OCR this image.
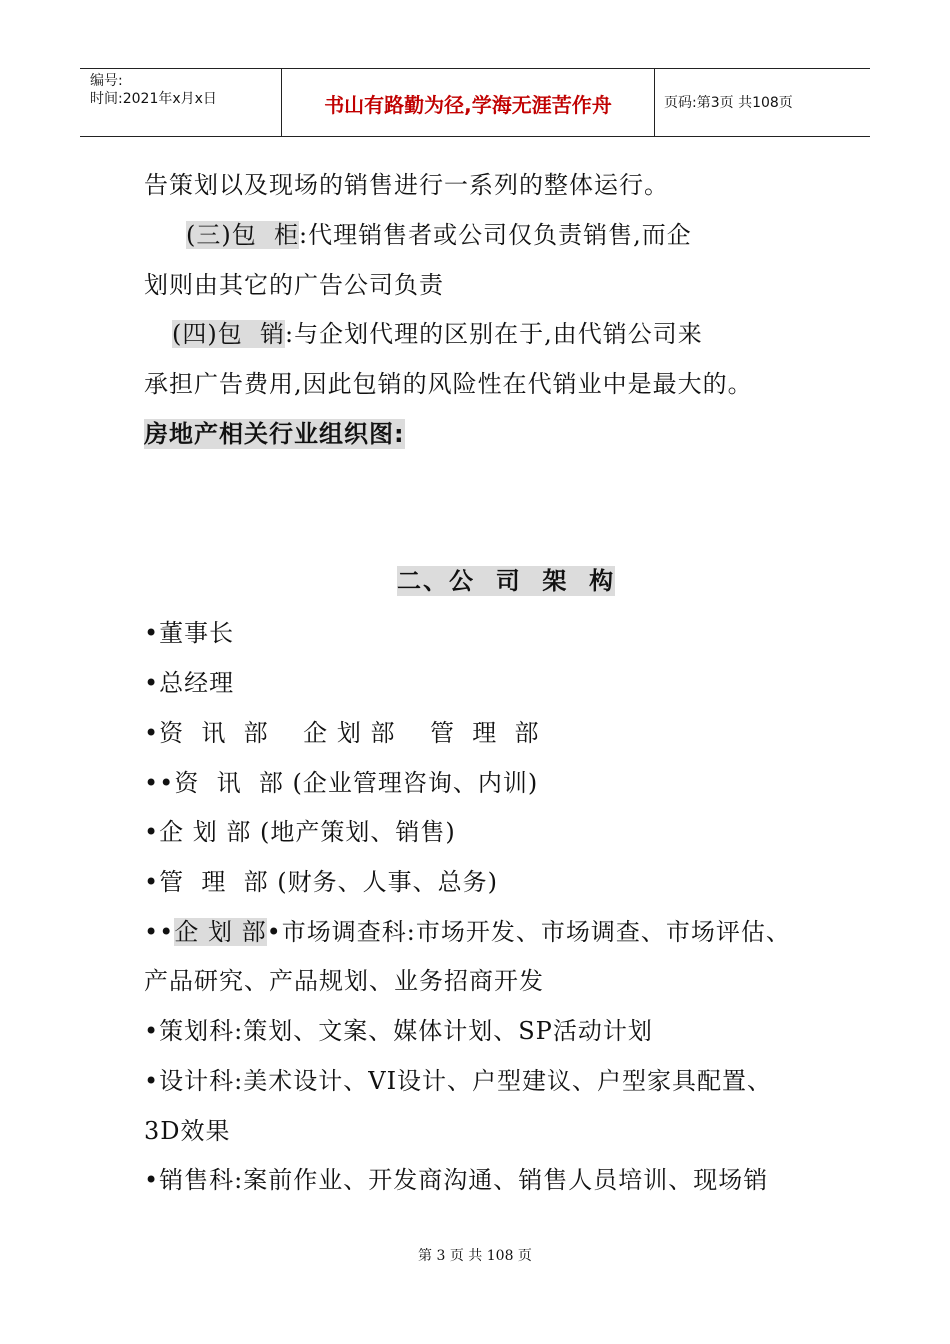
编号:
时间:2021年x月x日	书山有路勤为径,学海无涯苦作舟	页码:第3页 共108页
告策划以及现场的销售进行一系列的整体运行。
(三)包  柜:代理销售者或公司仅负责销售,而企
划则由其它的广告公司负责
(四)包  销:与企划代理的区别在于,由代销公司来
承担广告费用,因此包销的风险性在代销业中是最大的。
房地产相关行业组织图:
二、公  司  架  构
•董事长
•总经理
•资  讯  部    企 划 部    管  理  部
••资  讯  部 (企业管理咨询、内训)
•企 划 部 (地产策划、销售)
•管  理  部 (财务、人事、总务)
••企 划 部•市场调查科:市场开发、市场调查、市场评估、
产品研究、产品规划、业务招商开发
•策划科:策划、文案、媒体计划、SP活动计划
•设计科:美术设计、VI设计、户型建议、户型家具配置、
3D效果
•销售科:案前作业、开发商沟通、销售人员培训、现场销
第 3 页 共 108 页
